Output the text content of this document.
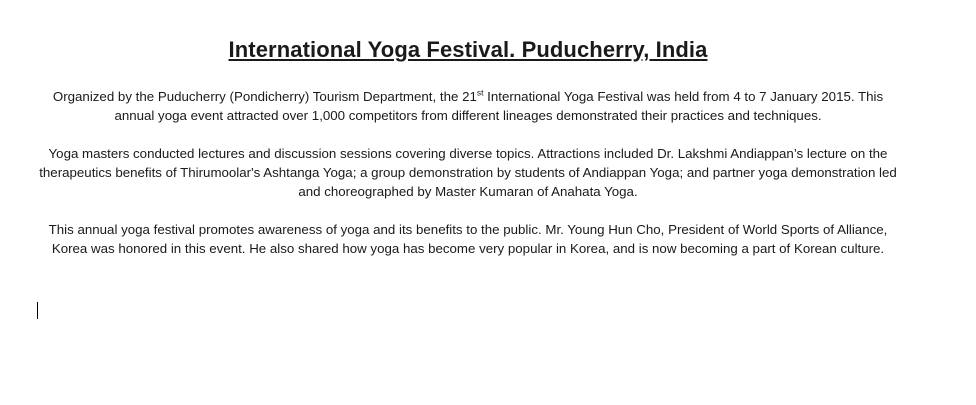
International Yoga Festival. Puducherry, India

Organized by the Puducherry (Pondicherry) Tourism Department, the 21st International Yoga Festival was held from 4 to 7 January 2015. This annual yoga event attracted over 1,000 competitors from different lineages demonstrated their practices and techniques.

Yoga masters conducted lectures and discussion sessions covering diverse topics. Attractions included Dr. Lakshmi Andiappan’s lecture on the therapeutics benefits of Thirumoolar's Ashtanga Yoga; a group demonstration by students of Andiappan Yoga; and partner yoga demonstration led and choreographed by Master Kumaran of Anahata Yoga.

This annual yoga festival promotes awareness of yoga and its benefits to the public. Mr. Young Hun Cho, President of World Sports of Alliance, Korea was honored in this event. He also shared how yoga has become very popular in Korea, and is now becoming a part of Korean culture.
